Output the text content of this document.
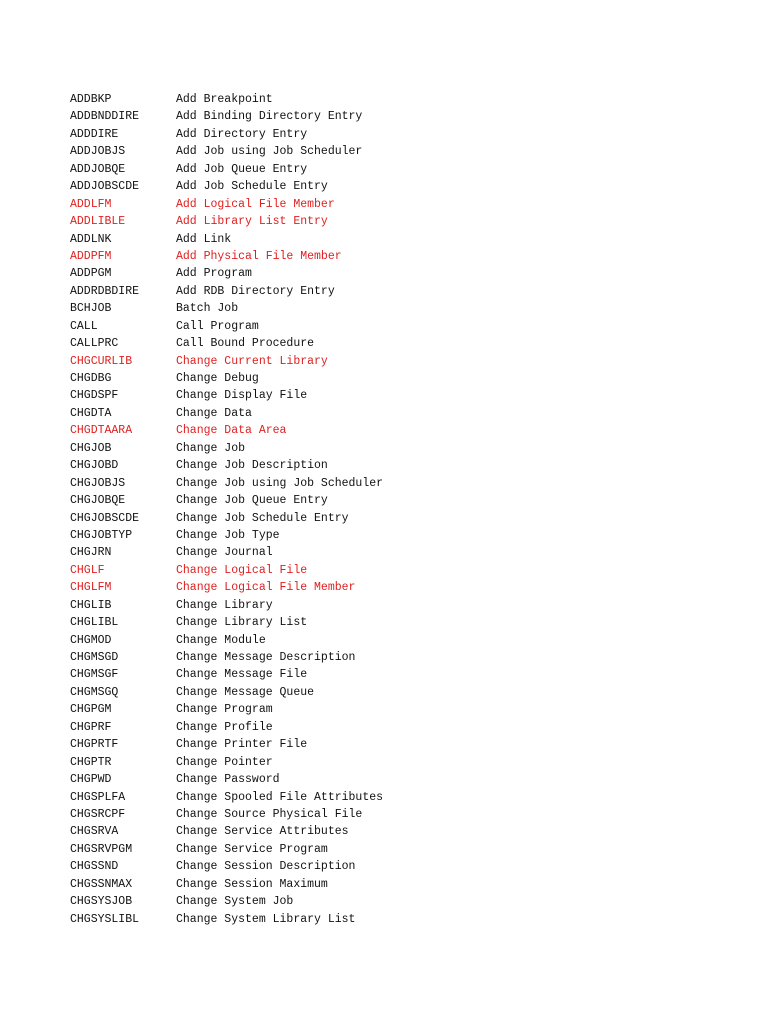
ADDBKP	Add Breakpoint
ADDBNDDIRE	Add Binding Directory Entry
ADDDIRE	Add Directory Entry
ADDJOBJS	Add Job using Job Scheduler
ADDJOBQE	Add Job Queue Entry
ADDJOBSCDE	Add Job Schedule Entry
ADDLFM	Add Logical File Member
ADDLIBLE	Add Library List Entry
ADDLNK	Add Link
ADDPFM	Add Physical File Member
ADDPGM	Add Program
ADDRDBDIRE	Add RDB Directory Entry
BCHJOB	Batch Job
CALL	Call Program
CALLPRC	Call Bound Procedure
CHGCURLIB	Change Current Library
CHGDBG	Change Debug
CHGDSPF	Change Display File
CHGDTA	Change Data
CHGDTAARA	Change Data Area
CHGJOB	Change Job
CHGJOBD	Change Job Description
CHGJOBJS	Change Job using Job Scheduler
CHGJOBQE	Change Job Queue Entry
CHGJOBSCDE	Change Job Schedule Entry
CHGJOBTYP	Change Job Type
CHGJRN	Change Journal
CHGLF	Change Logical File
CHGLFM	Change Logical File Member
CHGLIB	Change Library
CHGLIBL	Change Library List
CHGMOD	Change Module
CHGMSGD	Change Message Description
CHGMSGF	Change Message File
CHGMSGQ	Change Message Queue
CHGPGM	Change Program
CHGPRF	Change Profile
CHGPRTF	Change Printer File
CHGPTR	Change Pointer
CHGPWD	Change Password
CHGSPLFA	Change Spooled File Attributes
CHGSRCPF	Change Source Physical File
CHGSRVA	Change Service Attributes
CHGSRVPGM	Change Service Program
CHGSSND	Change Session Description
CHGSSNMAX	Change Session Maximum
CHGSYSJOB	Change System Job
CHGSYSLIBL	Change System Library List
